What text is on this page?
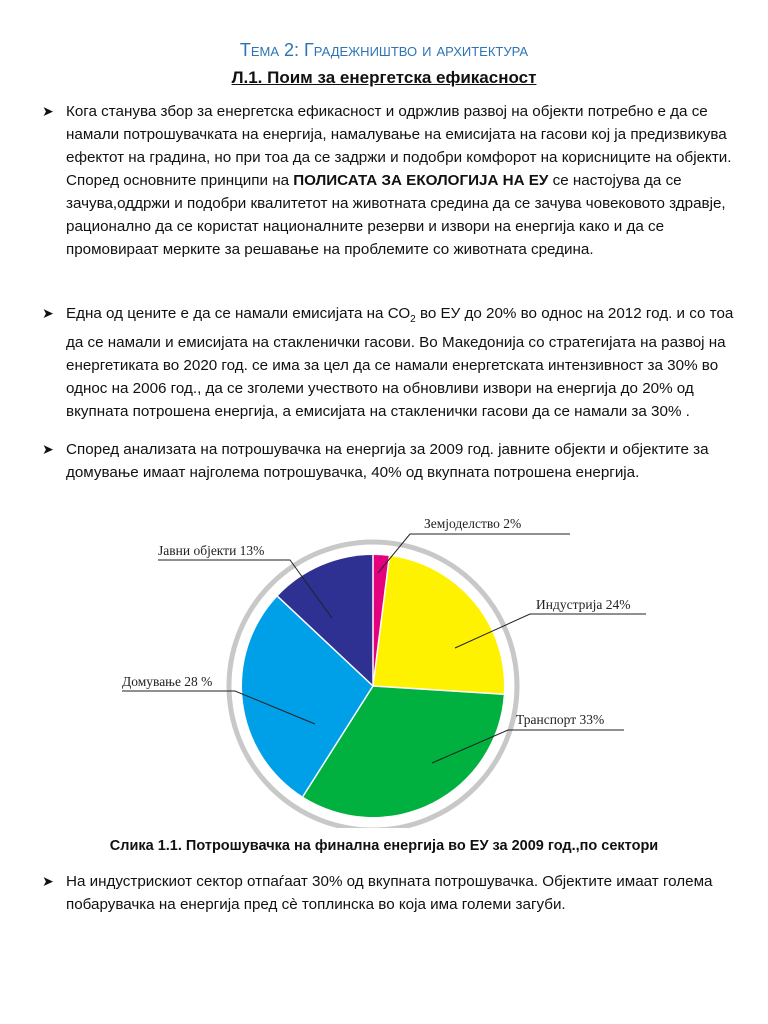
Тема 2: Градежништво и архитектура
Л.1. Поим за енергетска ефикасност
➤ Кога станува збор за енергетска ефикасност и одржлив развој на објекти потребно е да се намали потрошувачката на енергија, намалување на емисијата на гасови кој ја предизвикува ефектот на градина, но при тоа да се задржи и подобри комфорот на корисниците на објекти.

Според основните принципи на ПОЛИСАТА ЗА ЕКОЛОГИЈА НА ЕУ се настојува да се зачува,оддржи и подобри квалитетот на животната средина да се зачува човековото здравје, рационално да се користат националните резерви и извори на енергија како и да се промовираат мерките за решавање на проблемите со животната средина.

➤ Една од цените е да се намали емисијата на $СО_2$ во ЕУ до 20% во однос на 2012 год. и со тоа да се намали и емисијата на стакленички гасови. Во Македонија со стратегијата на развој на енергетиката во 2020 год. се има за цел да се намали енергетската интензивност за 30% во однос на 2006 год., да се зголеми учеството на обновливи извори на енергија до 20% од вкупната потрошена енергија, а емисијата на стакленички гасови да се намали за 30% .

➤ Според анализата на потрошувачка на енергија за 2009 год. јавните објекти и објектите за домување имаат најголема потрошувачка, 40% од вкупната потрошена енергија.

Земјоделство 2%
Индустрија 24%
Транспорт 33%
Домување 28 %
Јавни објекти 13%
Слика 1.1. Потрошувачка на финална енергија во ЕУ за 2009 год.,по сектори
➤ На индустрискиот сектор отпаѓаат 30% од вкупната потрошувачка. Објектите имаат голема побарувачка на енергија пред сè топлинска во која има големи загуби.
